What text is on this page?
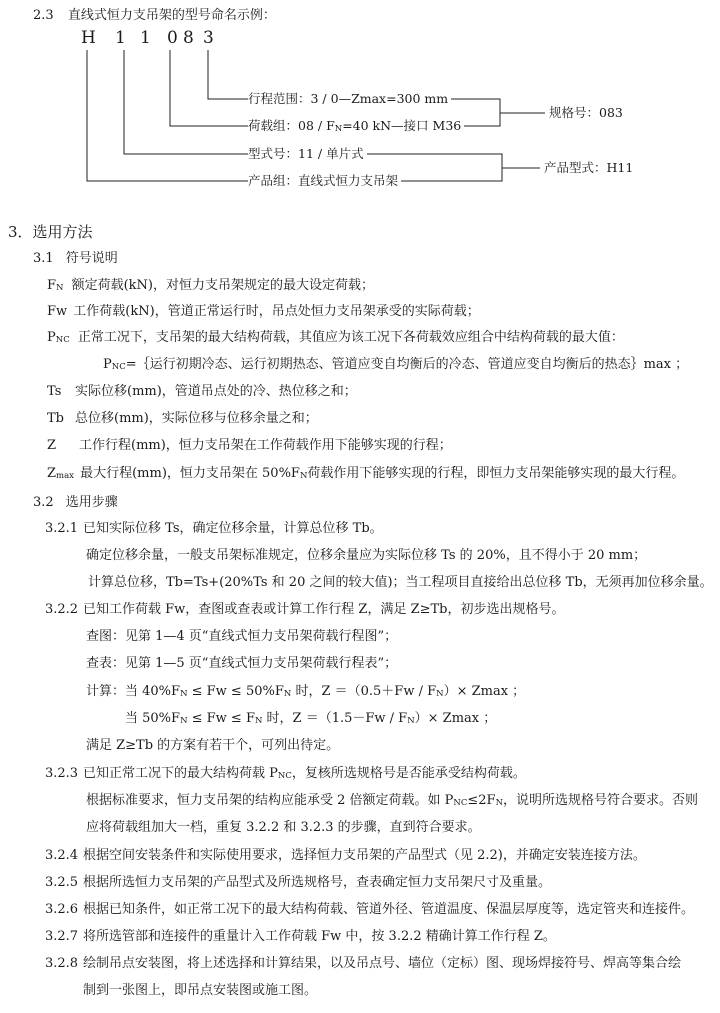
2.3 直线式恒力支吊架的型号命名示例：
H 1 1 0 8 3
行程范围：3 / 0—Zmax=300 mm
荷载组：$08 / F_N=40$ kN—接口 M36
型式号：11 / 单片式
产品组：直线式恒力支吊架
规格号：083
产品型式：H11
3．选用方法
3.1 符号说明
$F_N$ 额定荷载(kN)，对恒力支吊架规定的最大设定荷载；
Fw 工作荷载(kN)，管道正常运行时，吊点处恒力支吊架承受的实际荷载；
$P_{NC}$ 正常工况下，支吊架的最大结构荷载，其值应为该工况下各荷载效应组合中结构荷载的最大值：
$P_{NC}=\{$运行初期冷态、运行初期热态、管道应变自均衡后的冷态、管道应变自均衡后的热态｝max ；
Ts 实际位移(mm)，管道吊点处的冷、热位移之和；
Tb 总位移(mm)，实际位移与位移余量之和；
Z 工作行程(mm)，恒力支吊架在工作荷载作用下能够实现的行程；
$Z_{max}$ 最大行程(mm)，恒力支吊架在 $50\%F_N$荷载作用下能够实现的行程，即恒力支吊架能够实现的最大行程。
3.2 选用步骤
3.2.1 已知实际位移 Ts，确定位移余量，计算总位移 Tb。
确定位移余量，一般支吊架标准规定，位移余量应为实际位移 Ts 的 20%，且不得小于 20 mm；
计算总位移，Tb=Ts+(20%Ts 和 20 之间的较大值)；当工程项目直接给出总位移 Tb，无须再加位移余量。
3.2.2 已知工作荷载 Fw，查图或查表或计算工作行程 Z，满足 Z≥Tb，初步选出规格号。
查图：见第 1—4 页“直线式恒力支吊架荷载行程图”；
查表：见第 1—5 页“直线式恒力支吊架荷载行程表”；
计算：当 $40\%F_N \le Fw \le 50\%F_N$ 时，$Z =(0.5+Fw / F_N)\times Zmax$ ；
当 $50\%F_N \le Fw \le F_N$ 时，$Z =(1.5-Fw / F_N)\times Zmax$ ；
满足 Z≥Tb 的方案有若干个，可列出待定。
3.2.3 已知正常工况下的最大结构荷载 $P_{NC}$，复核所选规格号是否能承受结构荷载。
根据标准要求，恒力支吊架的结构应能承受 2 倍额定荷载。如 $P_{NC}\le 2F_N$，说明所选规格号符合要求。否则
应将荷载组加大一档，重复 3.2.2 和 3.2.3 的步骤，直到符合要求。
3.2.4 根据空间安装条件和实际使用要求，选择恒力支吊架的产品型式（见 2.2)，并确定安装连接方法。
3.2.5 根据所选恒力支吊架的产品型式及所选规格号，查表确定恒力支吊架尺寸及重量。
3.2.6 根据已知条件，如正常工况下的最大结构荷载、管道外径、管道温度、保温层厚度等，选定管夹和连接件。
3.2.7 将所选管部和连接件的重量计入工作荷载 Fw 中，按 3.2.2 精确计算工作行程 Z。
3.2.8 绘制吊点安装图，将上述选择和计算结果，以及吊点号、墙位（定标）图、现场焊接符号、焊高等集合绘
制到一张图上，即吊点安装图或施工图。
